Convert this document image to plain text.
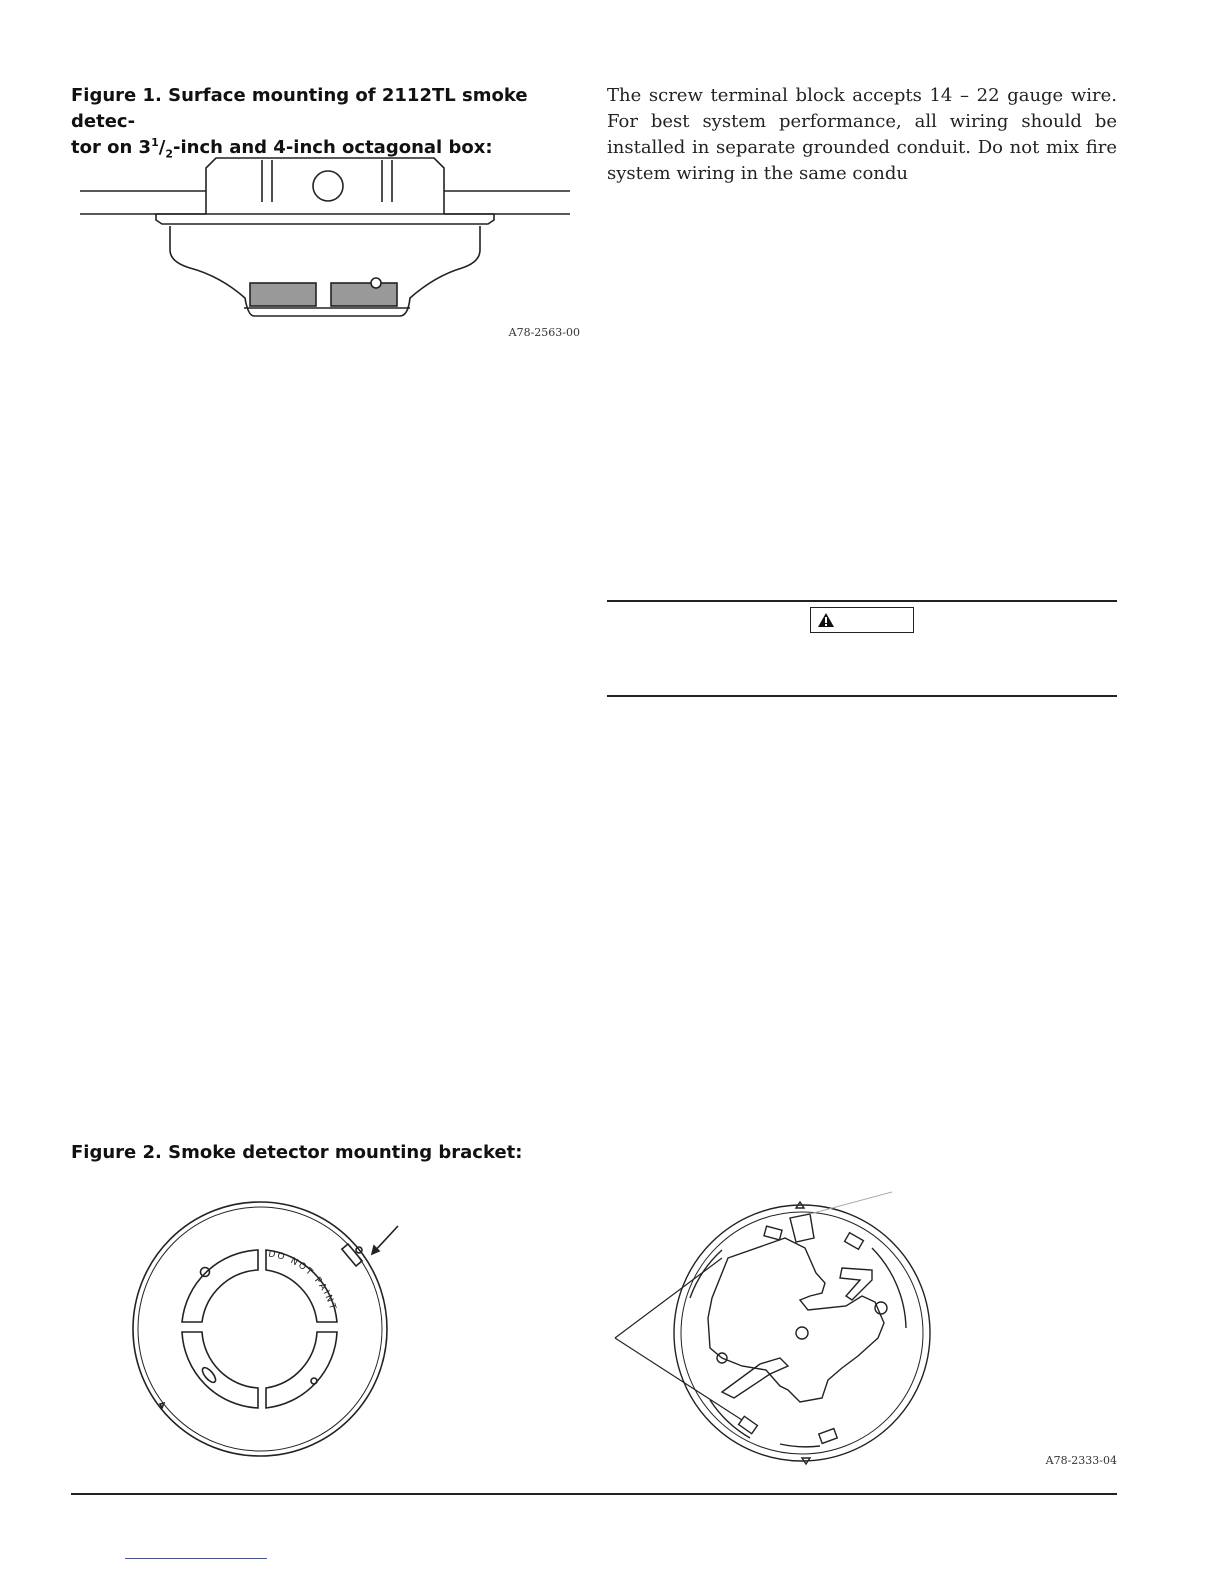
Figure 1. Surface mounting of 2112TL smoke detec-
tor on $3^1/_2$-inch and 4-inch octagonal box:
A78-2563-00
The screw terminal block accepts 14 – 22 gauge wire. For best system performance, all wiring should be installed in separate grounded conduit. Do not mix fire system wiring in the same condu
Figure 2. Smoke detector mounting bracket:
DO NOT PAINT
A78-2333-04
